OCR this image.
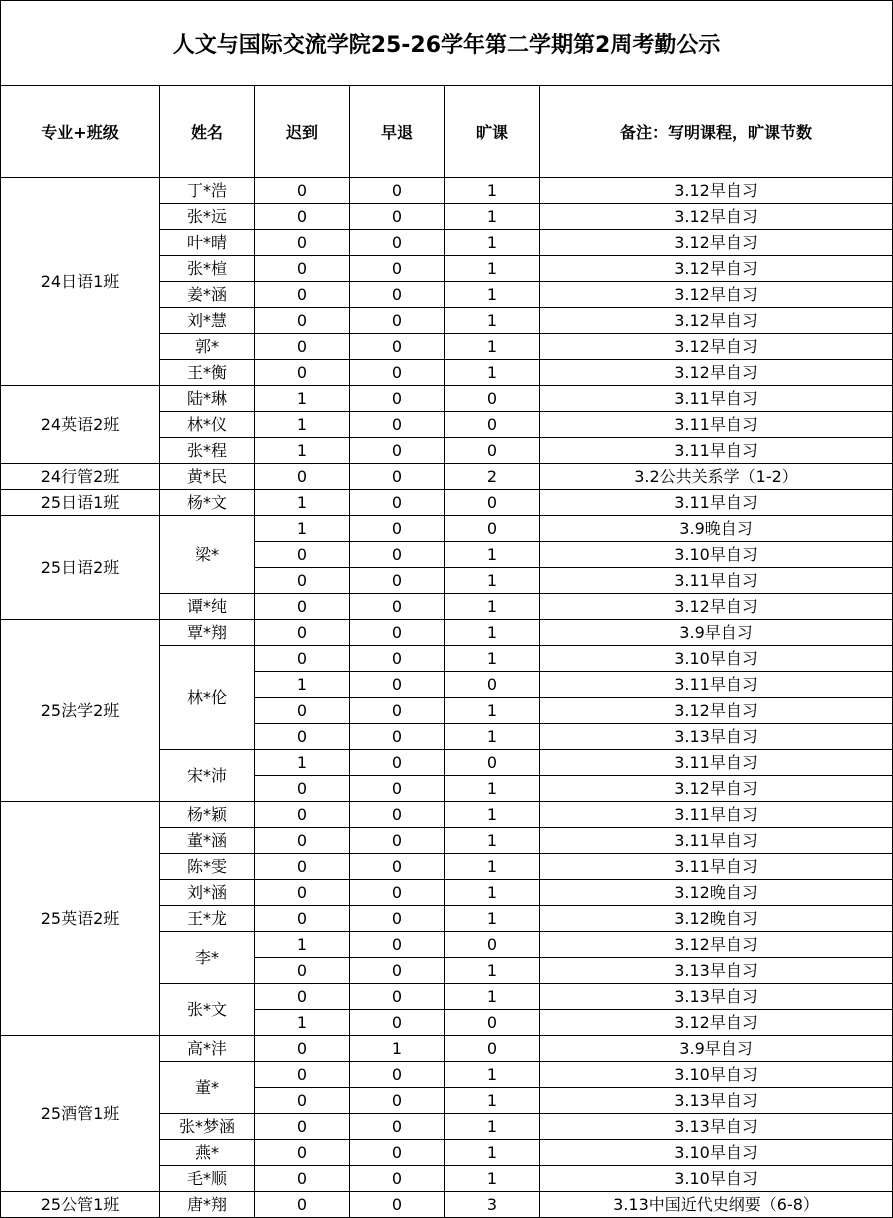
人文与国际交流学院25-26学年第二学期第2周考勤公示					
专业+班级	姓名	迟到	早退	旷课	备注：写明课程，旷课节数
24日语1班	丁*浩	0	0	1	3.12早自习
	张*远	0	0	1	3.12早自习
	叶*晴	0	0	1	3.12早自习
	张*楦	0	0	1	3.12早自习
	姜*涵	0	0	1	3.12早自习
	刘*慧	0	0	1	3.12早自习
	郭*	0	0	1	3.12早自习
	王*衡	0	0	1	3.12早自习
24英语2班	陆*琳	1	0	0	3.11早自习
	林*仪	1	0	0	3.11早自习
	张*程	1	0	0	3.11早自习
24行管2班	黄*民	0	0	2	3.2公共关系学（1-2）
25日语1班	杨*文	1	0	0	3.11早自习
25日语2班	梁*	1	0	0	3.9晚自习
		0	0	1	3.10早自习
		0	0	1	3.11早自习
	谭*纯	0	0	1	3.12早自习
25法学2班	覃*翔	0	0	1	3.9早自习
	林*伦	0	0	1	3.10早自习
		1	0	0	3.11早自习
		0	0	1	3.12早自习
		0	0	1	3.13早自习
	宋*沛	1	0	0	3.11早自习
		0	0	1	3.12早自习
25英语2班	杨*颖	0	0	1	3.11早自习
	董*涵	0	0	1	3.11早自习
	陈*雯	0	0	1	3.11早自习
	刘*涵	0	0	1	3.12晚自习
	王*龙	0	0	1	3.12晚自习
	李*	1	0	0	3.12早自习
		0	0	1	3.13早自习
	张*文	0	0	1	3.13早自习
		1	0	0	3.12早自习
25酒管1班	高*沣	0	1	0	3.9早自习
	董*	0	0	1	3.10早自习
		0	0	1	3.13早自习
	张*梦涵	0	0	1	3.13早自习
	燕*	0	0	1	3.10早自习
	毛*顺	0	0	1	3.10早自习
25公管1班	唐*翔	0	0	3	3.13中国近代史纲要（6-8）
